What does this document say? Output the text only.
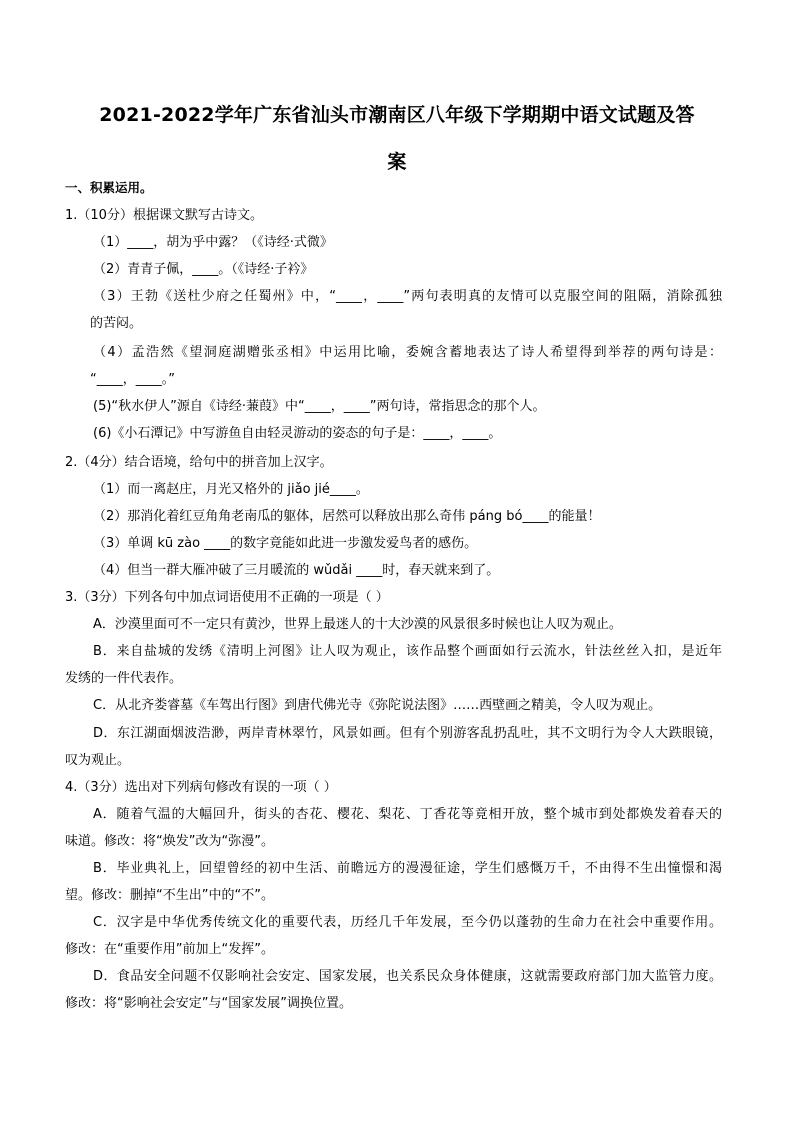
2021-2022学年广东省汕头市潮南区八年级下学期期中语文试题及答
案
一、积累运用。
1.（10分）根据课文默写古诗文。
（1）____，胡为乎中露？（《诗经·式微》
（2）青青子佩，____。（《诗经·子衿》
（3）王勃《送杜少府之任蜀州》中，“____，____”两句表明真的友情可以克服空间的阻隔，消除孤独
的苦闷。
（4）孟浩然《望洞庭湖赠张丞相》中运用比喻，委婉含蓄地表达了诗人希望得到举荐的两句诗是：
“____，____。”
(5)“秋水伊人”源自《诗经·蒹葭》中“____，____”两句诗，常指思念的那个人。
(6)《小石潭记》中写游鱼自由轻灵游动的姿态的句子是：____，____。
2.（4分）结合语境，给句中的拼音加上汉字。
（1）而一离赵庄，月光又格外的 jiǎo jié____。
（2）那消化着红豆角角老南瓜的躯体，居然可以释放出那么奇伟 páng bó____的能量！
（3）单调 kū zào ____的数字竟能如此进一步激发爱鸟者的感伤。
（4）但当一群大雁冲破了三月暖流的 wǔdǎi ____时，春天就来到了。
3.（3分）下列各句中加点词语使用不正确的一项是（ ）
A．沙漠里面可不一定只有黄沙，世界上最迷人的十大沙漠的风景很多时候也让人叹为观止。
B．来自盐城的发绣《清明上河图》让人叹为观止，该作品整个画面如行云流水，针法丝丝入扣，是近年
发绣的一件代表作。
C．从北齐娄睿墓《车驾出行图》到唐代佛光寺《弥陀说法图》……西壁画之精美，令人叹为观止。
D．东江湖面烟波浩渺，两岸青林翠竹，风景如画。但有个别游客乱扔乱吐，其不文明行为令人大跌眼镜，
叹为观止。
4.（3分）选出对下列病句修改有误的一项（ ）
A．随着气温的大幅回升，街头的杏花、樱花、梨花、丁香花等竟相开放，整个城市到处都焕发着春天的
味道。修改：将“焕发”改为“弥漫”。
B．毕业典礼上，回望曾经的初中生活、前瞻远方的漫漫征途，学生们感慨万千，不由得不生出憧憬和渴
望。修改：删掉“不生出”中的“不”。
C．汉字是中华优秀传统文化的重要代表，历经几千年发展，至今仍以蓬勃的生命力在社会中重要作用。
修改：在“重要作用”前加上“发挥”。
D．食品安全问题不仅影响社会安定、国家发展，也关系民众身体健康，这就需要政府部门加大监管力度。
修改：将“影响社会安定”与“国家发展”调换位置。
